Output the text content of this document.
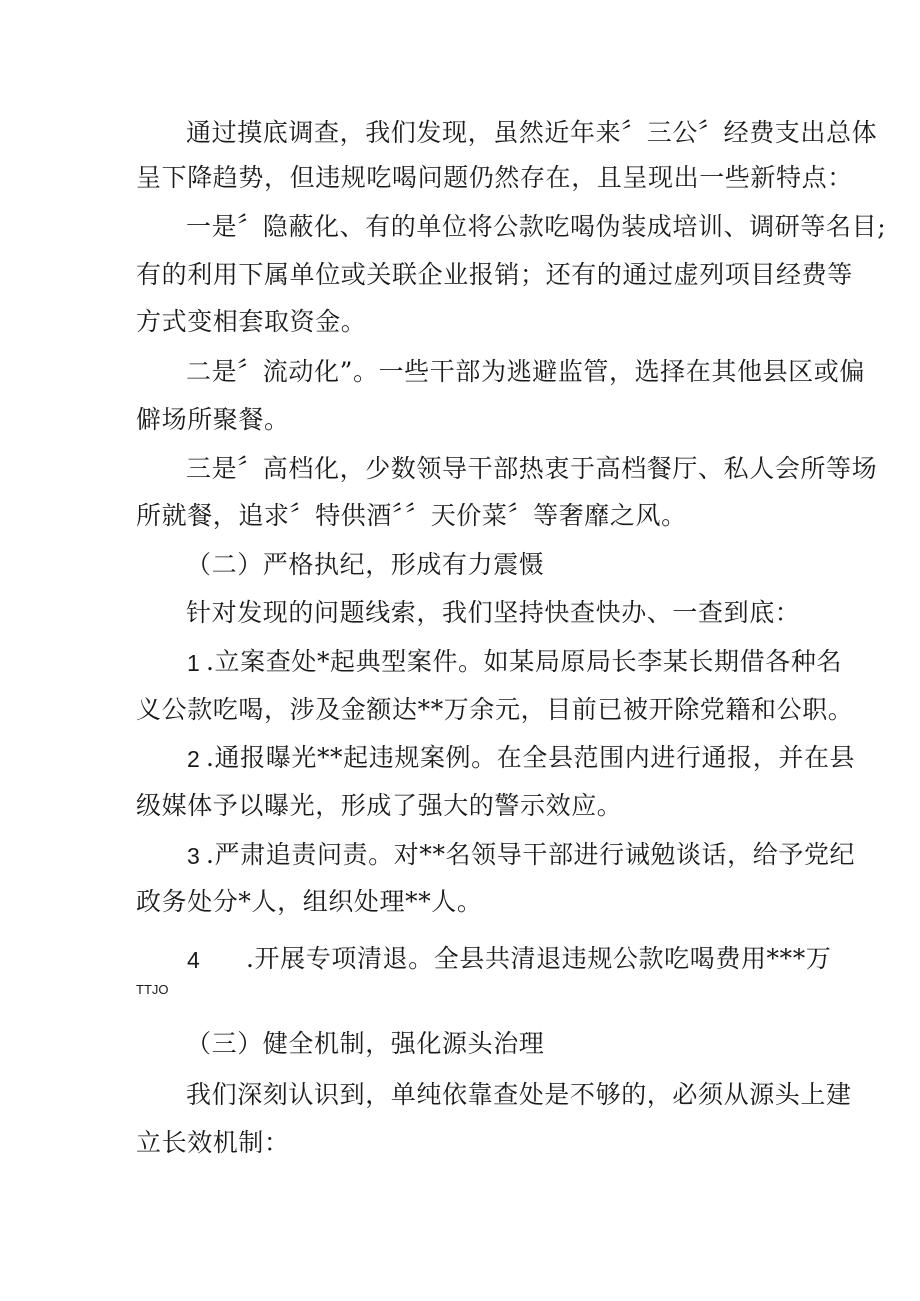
通过摸底调查，我们发现，虽然近年来〞三公〞经费支出总体

呈下降趋势，但违规吃喝问题仍然存在，且呈现出一些新特点：

一是〞隐蔽化、有的单位将公款吃喝伪装成培训、调研等名目;

有的利用下属单位或关联企业报销；还有的通过虚列项目经费等

方式变相套取资金。

二是〞流动化”。一些干部为逃避监管，选择在其他县区或偏

僻场所聚餐。

三是〞高档化，少数领导干部热衷于高档餐厅、私人会所等场

所就餐，追求〞特供酒〞〞天价菜〞等奢靡之风。

（二）严格执纪，形成有力震慑

针对发现的问题线索，我们坚持快查快办、一查到底：

1 .立案查处*起典型案件。如某局原局长李某长期借各种名

义公款吃喝，涉及金额达**万余元，目前已被开除党籍和公职。

2 .通报曝光**起违规案例。在全县范围内进行通报，并在县

级媒体予以曝光，形成了强大的警示效应。

3 .严肃追责问责。对**名领导干部进行诫勉谈话，给予党纪

政务处分*人，组织处理**人。

4 .开展专项清退。全县共清退违规公款吃喝费用***万

TTJO

（三）健全机制，强化源头治理

我们深刻认识到，单纯依靠查处是不够的，必须从源头上建

立长效机制：
